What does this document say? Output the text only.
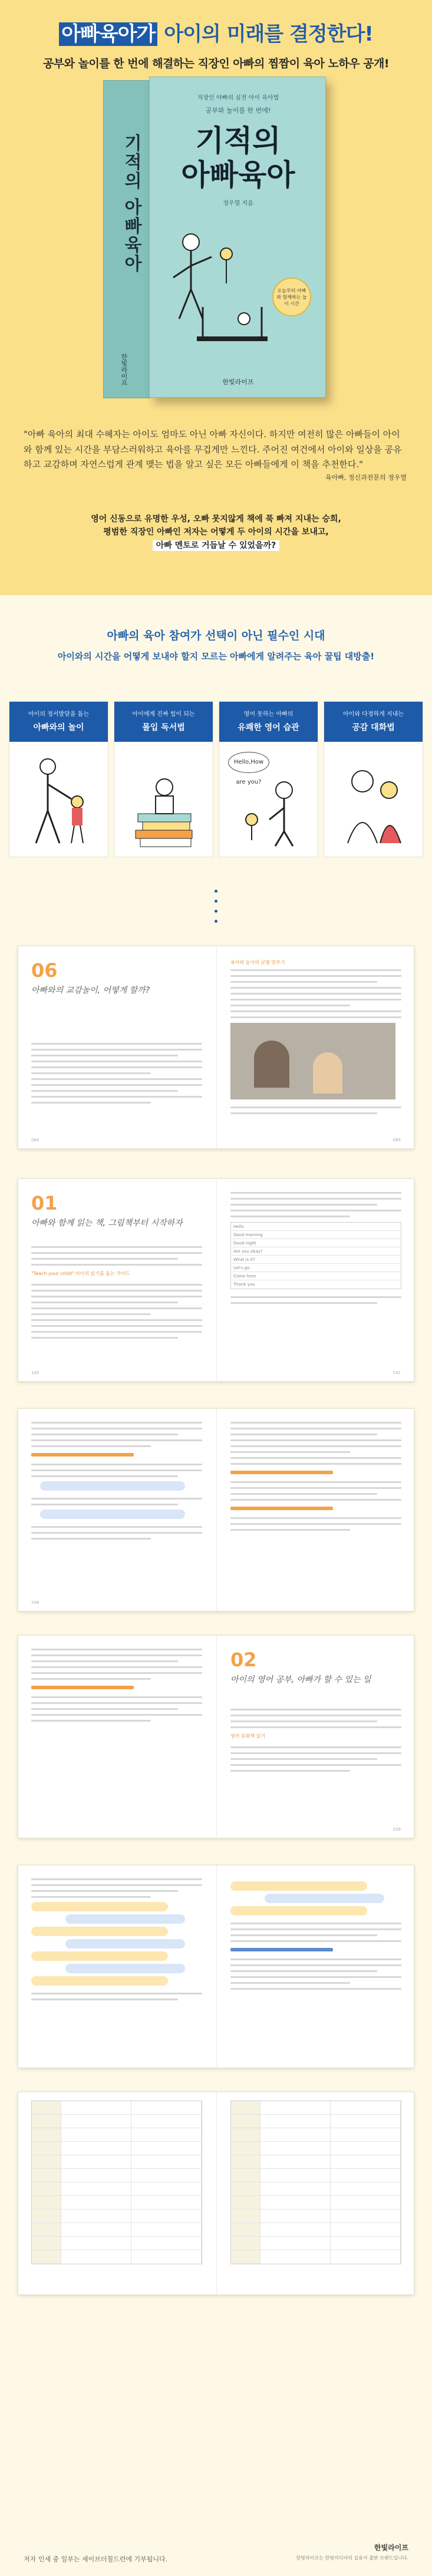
아빠육아가 아이의 미래를 결정한다!

공부와 놀이를 한 번에 해결하는 직장인 아빠의 찜짬이 육아 노하우 공개!

기적의 아빠육아
한빛라이프
직장인 아빠의 실전 아이 육아법
공부와 놀이를 한 번에!
기적의
아빠육아
정우열 지음
오늘부터 아빠와 함께하는 놀이 시간
한빛라이프
"아빠 육아의 최대 수혜자는 아이도 엄마도 아닌 아빠 자신이다. 하지만 여전히 많은 아빠들이 아이와 함께 있는 시간을 부담스러워하고 육아를 무겁게만 느낀다. 주어진 여건에서 아이와 일상을 공유하고 교감하며 자연스럽게 관계 맺는 법을 알고 싶은 모든 아빠들에게 이 책을 추천한다."
육아빠, 정신과전문의 정우열
영어 신동으로 유명한 우성, 오빠 못지않게 책에 푹 빠져 지내는 승희,
평범한 직장인 아빠인 저자는 어떻게 두 아이의 시간을 보내고,
아빠 멘토로 거듭날 수 있었을까?

아빠의 육아 참여가 선택이 아닌 필수인 시대

아이와의 시간을 어떻게 보내야 할지 모르는 아빠에게 알려주는 육아 꿀팁 대방출!

아이의 정서발달을 돕는
아빠와의 놀이
아이에게 진짜 힘이 되는
몰입 독서법
영어 못하는 아빠의
유쾌한 영어 습관
Hello,How are you?
아이와 다정하게 지내는
공감 대화법
06
아빠와의 교감놀이, 어떻게 할까?
육아와 놀이의 균형 맞추기
084	085
01
아빠와 함께 읽는 책, 그림책부터 시작하자
"Teach your child" 아이의 읽기를 돕는 가이드
Hello
Good morning
Good night
Are you okay?
What is it?
Let's go
Come here
Thank you
140	141
208
02
아이의 영어 공부, 아빠가 할 수 있는 일
영어 동화책 읽기
209
저자 인세 중 일부는 세이브더칠드런에 기부됩니다.
한빛라이프
한빛라이프는 한빛미디어의 실용서 출판 브랜드입니다.
